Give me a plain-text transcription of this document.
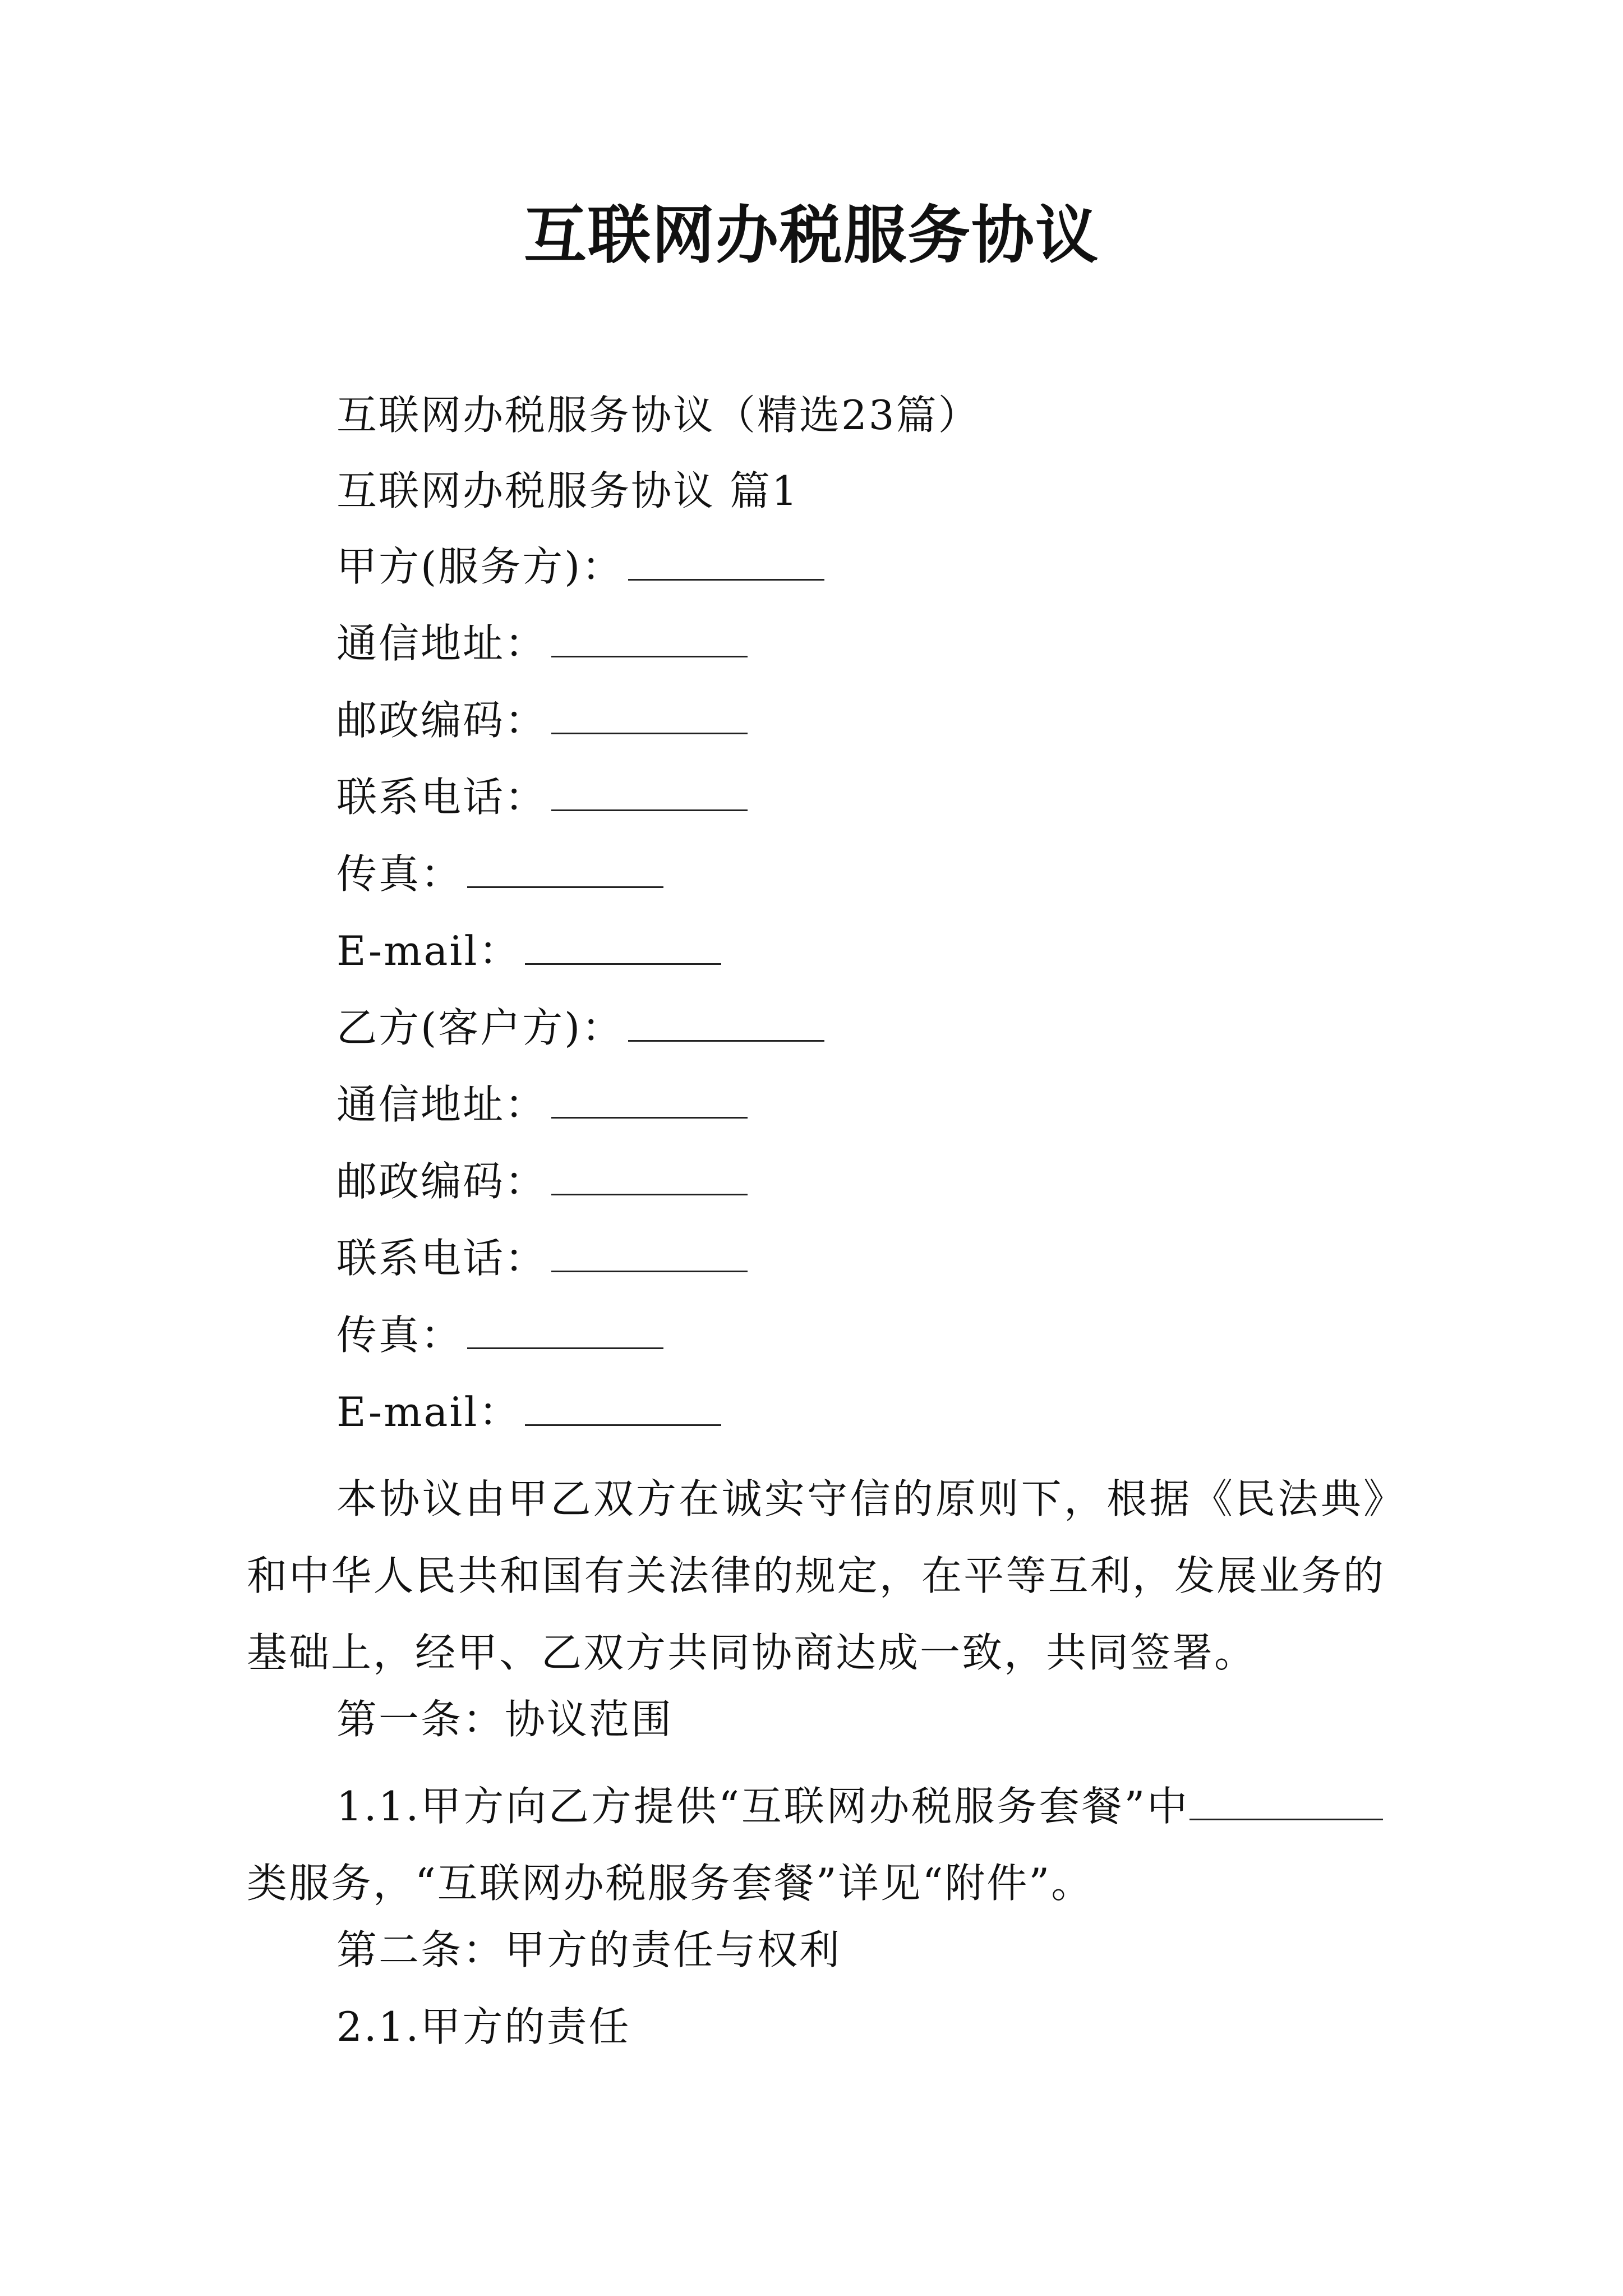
互联网办税服务协议
互联网办税服务协议（精选23篇）
互联网办税服务协议 篇1
甲方(服务方)：
通信地址：
邮政编码：
联系电话：
传真：
E-mail：
乙方(客户方)：
通信地址：
邮政编码：
联系电话：
传真：
E-mail：
本协议由甲乙双方在诚实守信的原则下，根据《民法典》和中华人民共和国有关法律的规定，在平等互利，发展业务的基础上，经甲、乙双方共同协商达成一致，共同签署。
第一条：协议范围
1.1.甲方向乙方提供“互联网办税服务套餐”中类服务，“互联网办税服务套餐”详见“附件”。
第二条：甲方的责任与权利
2.1.甲方的责任
